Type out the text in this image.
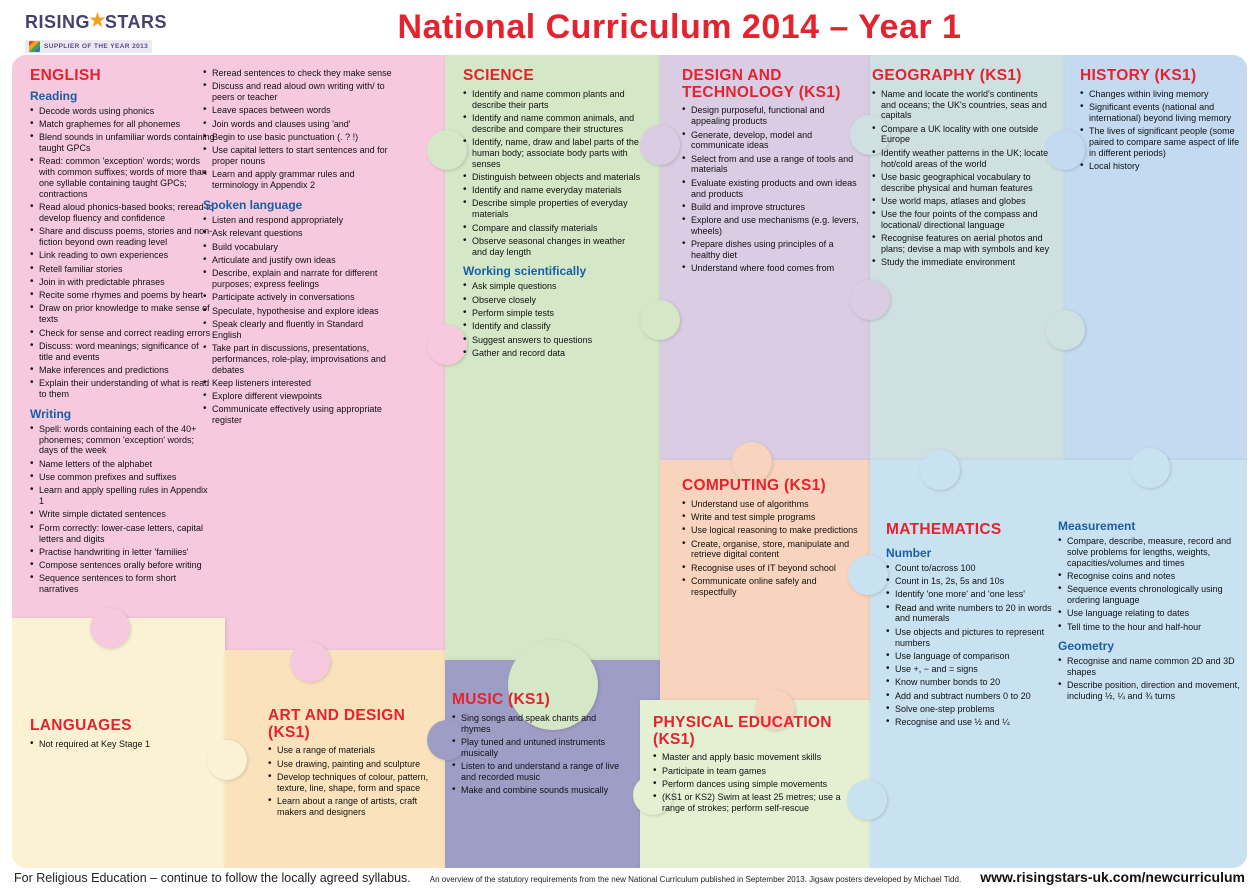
RISING
★
STARS
SUPPLIER OF THE YEAR 2013
National Curriculum 2014 – Year 1
ENGLISH
Reading
• Decode words using phonics
• Match graphemes for all phonemes
• Blend sounds in unfamiliar words containing taught GPCs
• Read: common 'exception' words; words with common suffixes; words of more than one syllable containing taught GPCs; contractions
• Read aloud phonics-based books; reread to develop fluency and confidence
• Share and discuss poems, stories and non-fiction beyond own reading level
• Link reading to own experiences
• Retell familiar stories
• Join in with predictable phrases
• Recite some rhymes and poems by heart
• Draw on prior knowledge to make sense of texts
• Check for sense and correct reading errors
• Discuss: word meanings; significance of title and events
• Make inferences and predictions
• Explain their understanding of what is read to them
Writing
• Spell: words containing each of the 40+ phonemes; common 'exception' words; days of the week
• Name letters of the alphabet
• Use common prefixes and suffixes
• Learn and apply spelling rules in Appendix 1
• Write simple dictated sentences
• Form correctly: lower-case letters, capital letters and digits
• Practise handwriting in letter 'families'
• Compose sentences orally before writing
• Sequence sentences to form short narratives
• Reread sentences to check they make sense
• Discuss and read aloud own writing with/ to peers or teacher
• Leave spaces between words
• Join words and clauses using 'and'
• Begin to use basic punctuation (. ? !)
• Use capital letters to start sentences and for proper nouns
• Learn and apply grammar rules and terminology in Appendix 2
Spoken language
• Listen and respond appropriately
• Ask relevant questions
• Build vocabulary
• Articulate and justify own ideas
• Describe, explain and narrate for different purposes; express feelings
• Participate actively in conversations
• Speculate, hypothesise and explore ideas
• Speak clearly and fluently in Standard English
• Take part in discussions, presentations, performances, role-play, improvisations and debates
• Keep listeners interested
• Explore different viewpoints
• Communicate effectively using appropriate register
SCIENCE
• Identify and name common plants and describe their parts
• Identify and name common animals, and describe and compare their structures
• Identify, name, draw and label parts of the human body; associate body parts with senses
• Distinguish between objects and materials
• Identify and name everyday materials
• Describe simple properties of everyday materials
• Compare and classify materials
• Observe seasonal changes in weather and day length
Working scientifically
• Ask simple questions
• Observe closely
• Perform simple tests
• Identify and classify
• Suggest answers to questions
• Gather and record data
DESIGN AND TECHNOLOGY (KS1)
• Design purposeful, functional and appealing products
• Generate, develop, model and communicate ideas
• Select from and use a range of tools and materials
• Evaluate existing products and own ideas and products
• Build and improve structures
• Explore and use mechanisms (e.g. levers, wheels)
• Prepare dishes using principles of a healthy diet
• Understand where food comes from
GEOGRAPHY (KS1)
• Name and locate the world's continents and oceans; the UK's countries, seas and capitals
• Compare a UK locality with one outside Europe
• Identify weather patterns in the UK; locate hot/cold areas of the world
• Use basic geographical vocabulary to describe physical and human features
• Use world maps, atlases and globes
• Use the four points of the compass and locational/ directional language
• Recognise features on aerial photos and plans; devise a map with symbols and key
• Study the immediate environment
HISTORY (KS1)
• Changes within living memory
• Significant events (national and international) beyond living memory
• The lives of significant people (some paired to compare same aspect of life in different periods)
• Local history
COMPUTING (KS1)
• Understand use of algorithms
• Write and test simple programs
• Use logical reasoning to make predictions
• Create, organise, store, manipulate and retrieve digital content
• Recognise uses of IT beyond school
• Communicate online safely and respectfully
MATHEMATICS
Number
• Count to/across 100
• Count in 1s, 2s, 5s and 10s
• Identify 'one more' and 'one less'
• Read and write numbers to 20 in words and numerals
• Use objects and pictures to represent numbers
• Use language of comparison
• Use +, − and = signs
• Know number bonds to 20
• Add and subtract numbers 0 to 20
• Solve one-step problems
• Recognise and use ½ and ¼
Measurement
• Compare, describe, measure, record and solve problems for lengths, weights, capacities/volumes and times
• Recognise coins and notes
• Sequence events chronologically using ordering language
• Use language relating to dates
• Tell time to the hour and half-hour
Geometry
• Recognise and name common 2D and 3D shapes
• Describe position, direction and movement, including ½, ¼ and ¾ turns
MUSIC (KS1)
• Sing songs and speak chants and rhymes
• Play tuned and untuned instruments musically
• Listen to and understand a range of live and recorded music
• Make and combine sounds musically
PHYSICAL EDUCATION (KS1)
• Master and apply basic movement skills
• Participate in team games
• Perform dances using simple movements
• (KS1 or KS2) Swim at least 25 metres; use a range of strokes; perform self-rescue
ART AND DESIGN (KS1)
• Use a range of materials
• Use drawing, painting and sculpture
• Develop techniques of colour, pattern, texture, line, shape, form and space
• Learn about a range of artists, craft makers and designers
LANGUAGES
• Not required at Key Stage 1
For Religious Education – continue to follow the locally agreed syllabus.	An overview of the statutory requirements from the new National Curriculum published in September 2013. Jigsaw posters developed by Michael Tidd.	www.risingstars-uk.com/newcurriculum
